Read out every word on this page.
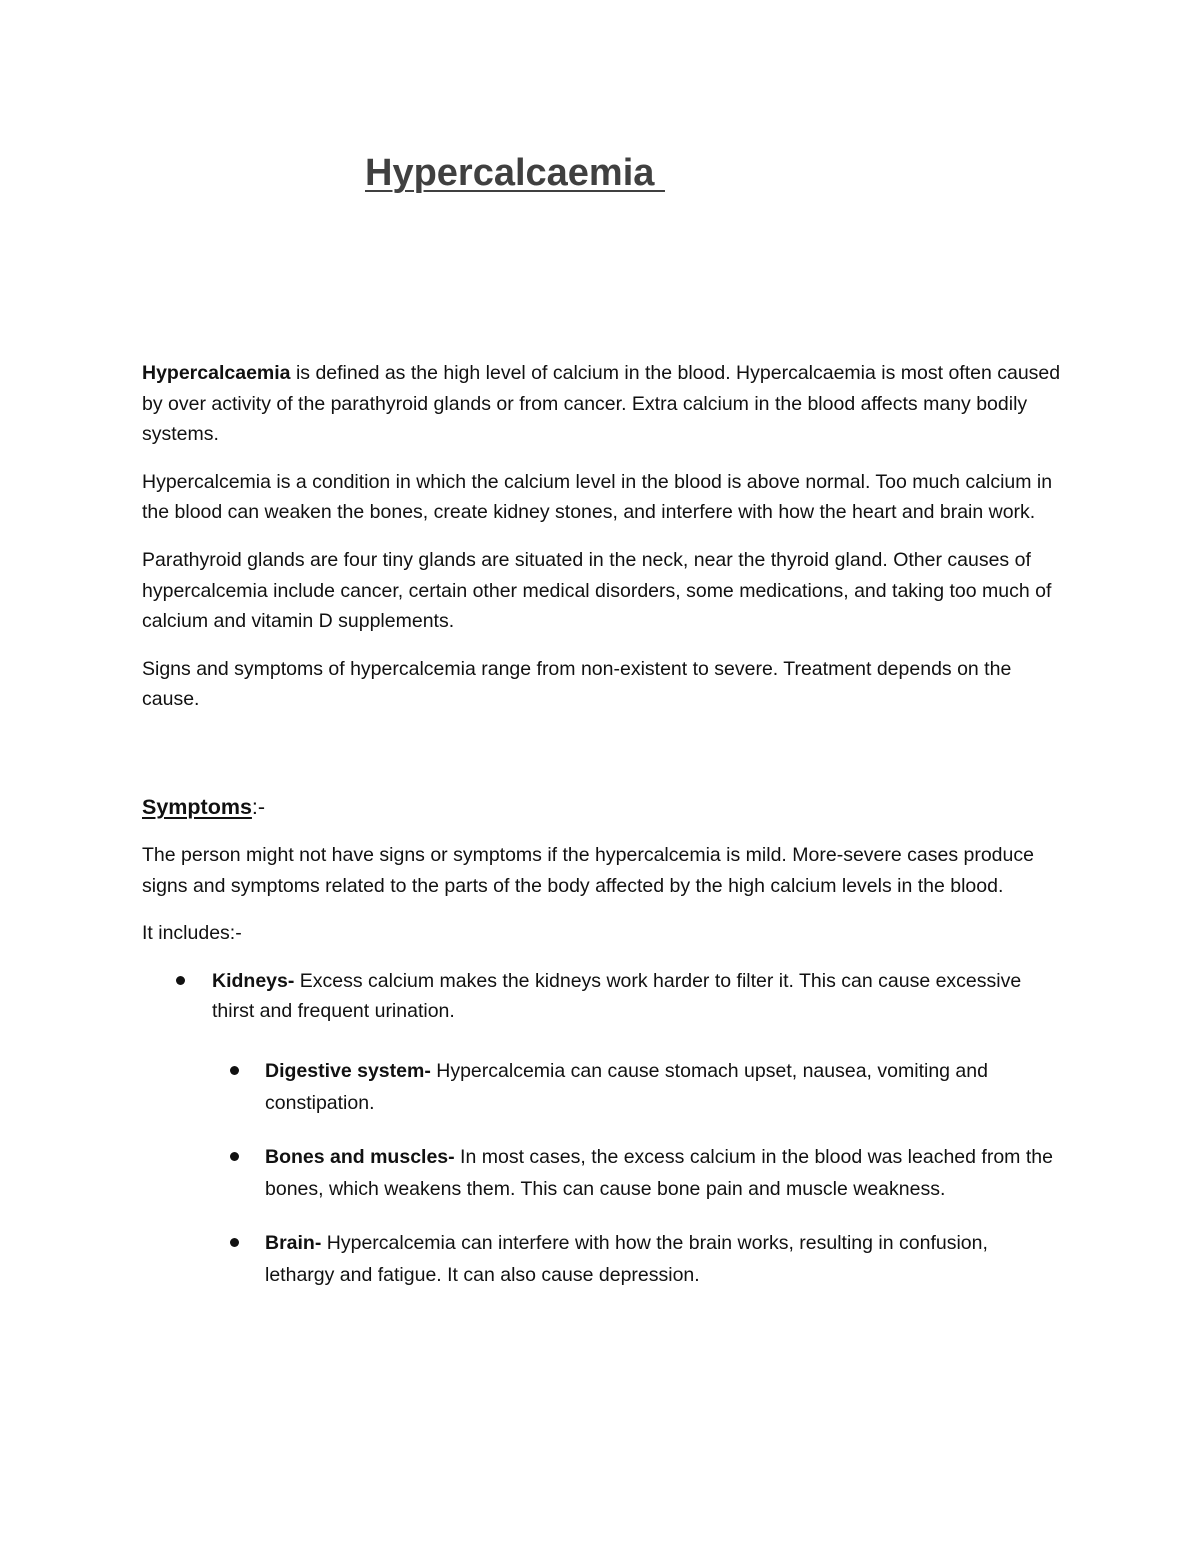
Hypercalcaemia

Hypercalcaemia is defined as the high level of calcium in the blood. Hypercalcaemia is most often caused by over activity of the parathyroid glands or from cancer. Extra calcium in the blood affects many bodily systems.

Hypercalcemia is a condition in which the calcium level in the blood is above normal. Too much calcium in the blood can weaken the bones, create kidney stones, and interfere with how the heart and brain work.

Parathyroid glands are four tiny glands are situated in the neck, near the thyroid gland. Other causes of hypercalcemia include cancer, certain other medical disorders, some medications, and taking too much of calcium and vitamin D supplements.

Signs and symptoms of hypercalcemia range from non-existent to severe. Treatment depends on the cause.

Symptoms:-

The person might not have signs or symptoms if the hypercalcemia is mild. More-severe cases produce signs and symptoms related to the parts of the body affected by the high calcium levels in the blood.

It includes:-

Kidneys- Excess calcium makes the kidneys work harder to filter it. This can cause excessive thirst and frequent urination.
Digestive system- Hypercalcemia can cause stomach upset, nausea, vomiting and constipation.
Bones and muscles- In most cases, the excess calcium in the blood was leached from the bones, which weakens them. This can cause bone pain and muscle weakness.
Brain- Hypercalcemia can interfere with how the brain works, resulting in confusion, lethargy and fatigue. It can also cause depression.
